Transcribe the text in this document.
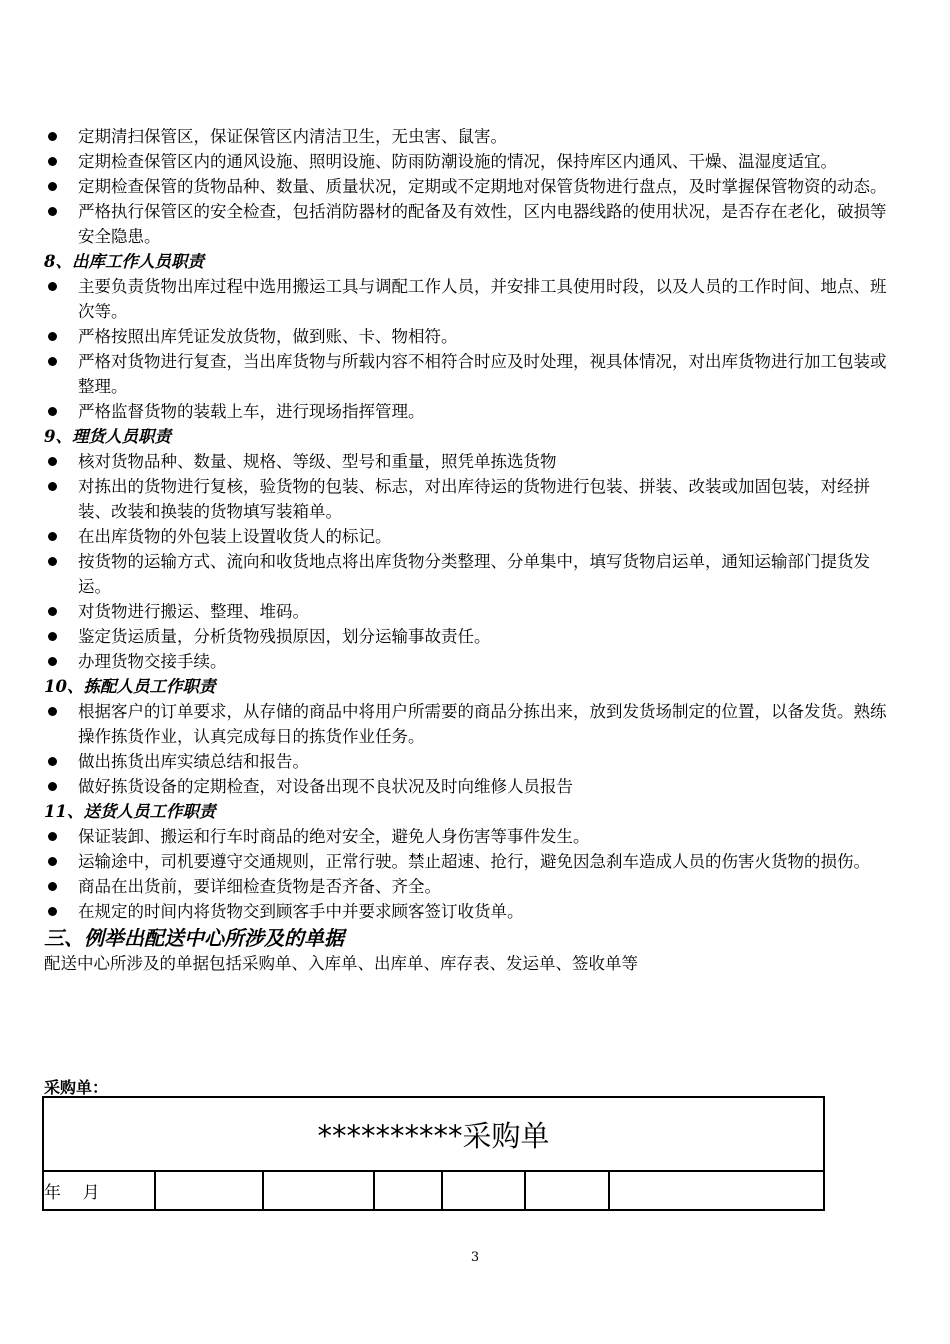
定期清扫保管区，保证保管区内清洁卫生，无虫害、鼠害。
定期检查保管区内的通风设施、照明设施、防雨防潮设施的情况，保持库区内通风、干燥、温湿度适宜。
定期检查保管的货物品种、数量、质量状况，定期或不定期地对保管货物进行盘点，及时掌握保管物资的动态。
严格执行保管区的安全检查，包括消防器材的配备及有效性，区内电器线路的使用状况，是否存在老化，破损等安全隐患。
8、出库工作人员职责
主要负责货物出库过程中选用搬运工具与调配工作人员，并安排工具使用时段，以及人员的工作时间、地点、班次等。
严格按照出库凭证发放货物，做到账、卡、物相符。
严格对货物进行复查，当出库货物与所载内容不相符合时应及时处理，视具体情况，对出库货物进行加工包装或整理。
严格监督货物的装载上车，进行现场指挥管理。
9、理货人员职责
核对货物品种、数量、规格、等级、型号和重量，照凭单拣选货物
对拣出的货物进行复核，验货物的包装、标志，对出库待运的货物进行包装、拼装、改装或加固包装，对经拼装、改装和换装的货物填写装箱单。
在出库货物的外包装上设置收货人的标记。
按货物的运输方式、流向和收货地点将出库货物分类整理、分单集中，填写货物启运单，通知运输部门提货发运。
对货物进行搬运、整理、堆码。
鉴定货运质量，分析货物残损原因，划分运输事故责任。
办理货物交接手续。
10、拣配人员工作职责
根据客户的订单要求，从存储的商品中将用户所需要的商品分拣出来，放到发货场制定的位置，以备发货。熟练操作拣货作业，认真完成每日的拣货作业任务。
做出拣货出库实绩总结和报告。
做好拣货设备的定期检查，对设备出现不良状况及时向维修人员报告
11、送货人员工作职责
保证装卸、搬运和行车时商品的绝对安全，避免人身伤害等事件发生。
运输途中，司机要遵守交通规则，正常行驶。禁止超速、抢行，避免因急刹车造成人员的伤害火货物的损伤。
商品在出货前，要详细检查货物是否齐备、齐全。
在规定的时间内将货物交到顾客手中并要求顾客签订收货单。
三、例举出配送中心所涉及的单据
配送中心所涉及的单据包括采购单、入库单、出库单、库存表、发运单、签收单等
采购单：
**********采购单
年    月						
3
